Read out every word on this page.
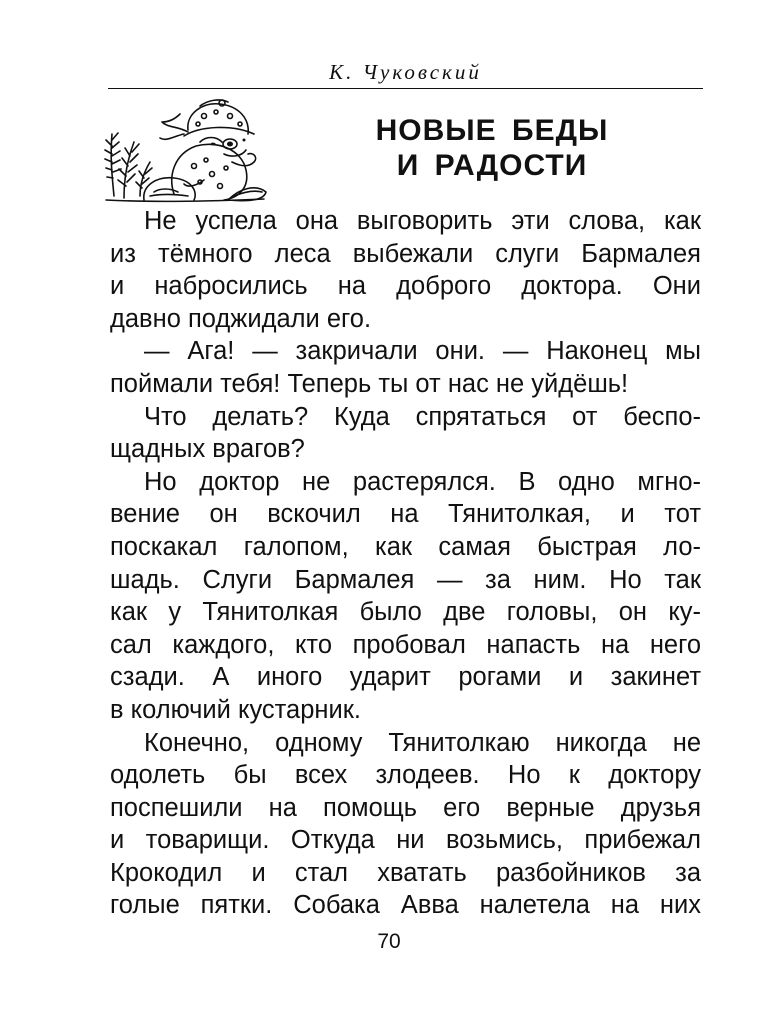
К. Чуковский
НОВЫЕ БЕДЫ
И РАДОСТИ
Не успела она выговорить эти слова, как
из тёмного леса выбежали слуги Бармалея
и набросились на доброго доктора. Они
давно поджидали его.
— Ага! — закричали они. — Наконец мы
поймали тебя! Теперь ты от нас не уйдёшь!
Что делать? Куда спрятаться от беспо-
щадных врагов?
Но доктор не растерялся. В одно мгно-
вение он вскочил на Тянитолкая, и тот
поскакал галопом, как самая быстрая ло-
шадь. Слуги Бармалея — за ним. Но так
как у Тянитолкая было две головы, он ку-
сал каждого, кто пробовал напасть на него
сзади. А иного ударит рогами и закинет
в колючий кустарник.
Конечно, одному Тянитолкаю никогда не
одолеть бы всех злодеев. Но к доктору
поспешили на помощь его верные друзья
и товарищи. Откуда ни возьмись, прибежал
Крокодил и стал хватать разбойников за
голые пятки. Собака Авва налетела на них
70
